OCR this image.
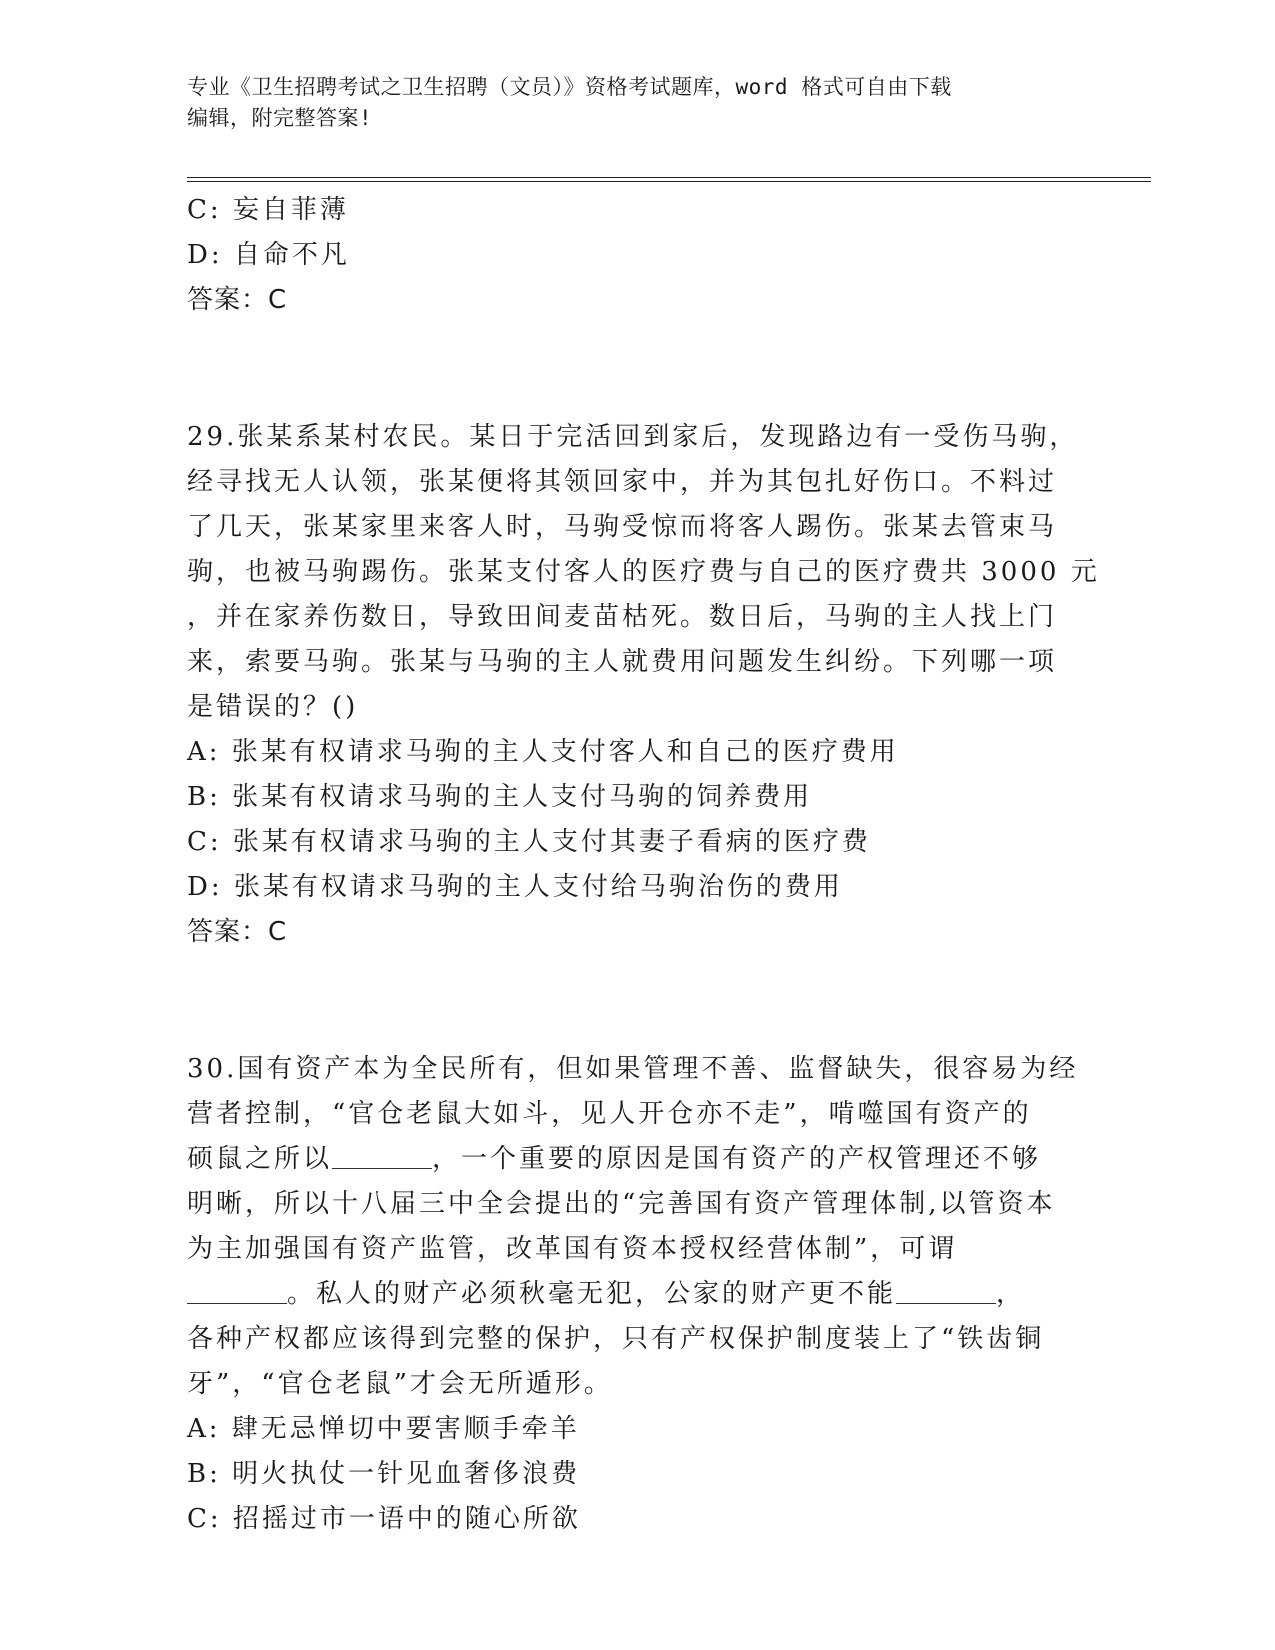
专业《卫生招聘考试之卫生招聘（文员）》资格考试题库，word 格式可自由下载
编辑，附完整答案!
C: 妄自菲薄
D: 自命不凡
答案：C
29.张某系某村农民。某日于完活回到家后，发现路边有一受伤马驹，
经寻找无人认领，张某便将其领回家中，并为其包扎好伤口。不料过
了几天，张某家里来客人时，马驹受惊而将客人踢伤。张某去管束马
驹，也被马驹踢伤。张某支付客人的医疗费与自己的医疗费共 3000 元
，并在家养伤数日，导致田间麦苗枯死。数日后，马驹的主人找上门
来，索要马驹。张某与马驹的主人就费用问题发生纠纷。下列哪一项
是错误的？()
A: 张某有权请求马驹的主人支付客人和自己的医疗费用
B: 张某有权请求马驹的主人支付马驹的饲养费用
C: 张某有权请求马驹的主人支付其妻子看病的医疗费
D: 张某有权请求马驹的主人支付给马驹治伤的费用
答案：C
30.国有资产本为全民所有，但如果管理不善、监督缺失，很容易为经
营者控制，“官仓老鼠大如斗，见人开仓亦不走”，啃噬国有资产的
硕鼠之所以	，一个重要的原因是国有资产的产权管理还不够
明晰，所以十八届三中全会提出的“完善国有资产管理体制,以管资本
为主加强国有资产监管，改革国有资本授权经营体制”，可谓
。私人的财产必须秋毫无犯，公家的财产更不能	，
各种产权都应该得到完整的保护，只有产权保护制度装上了“铁齿铜
牙”，“官仓老鼠”才会无所遁形。
A: 肆无忌惮切中要害顺手牵羊
B: 明火执仗一针见血奢侈浪费
C: 招摇过市一语中的随心所欲
